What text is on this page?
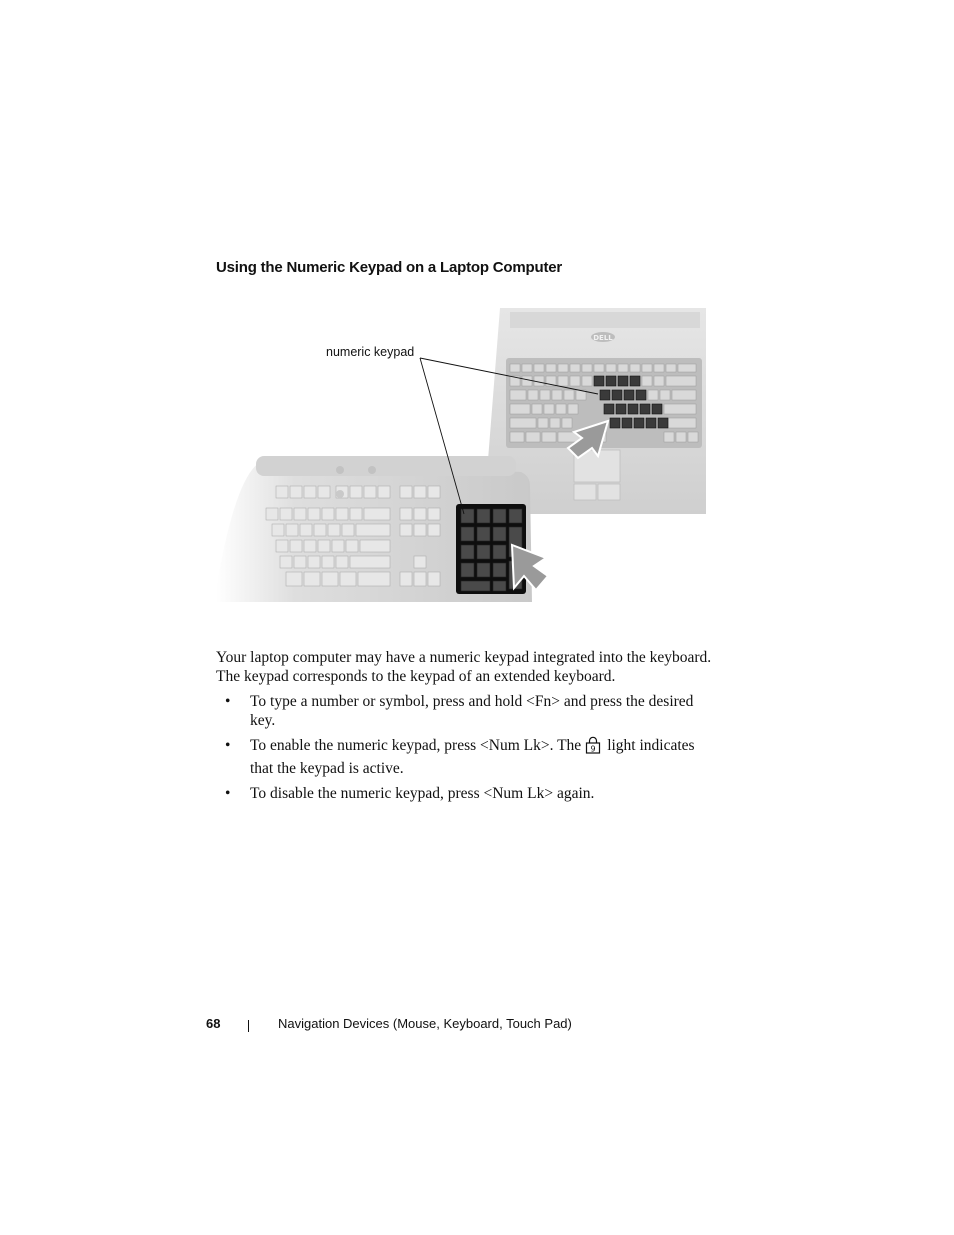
Using the Numeric Keypad on a Laptop Computer
DELL
numeric keypad

Your laptop computer may have a numeric keypad integrated into the keyboard. The keypad corresponds to the keypad of an extended keyboard.

• To type a number or symbol, press and hold <Fn> and press the desired key.
• To enable the numeric keypad, press <Num Lk>. The 9 light indicates that the keypad is active.
• To disable the numeric keypad, press <Num Lk> again.
68	Navigation Devices (Mouse, Keyboard, Touch Pad)
